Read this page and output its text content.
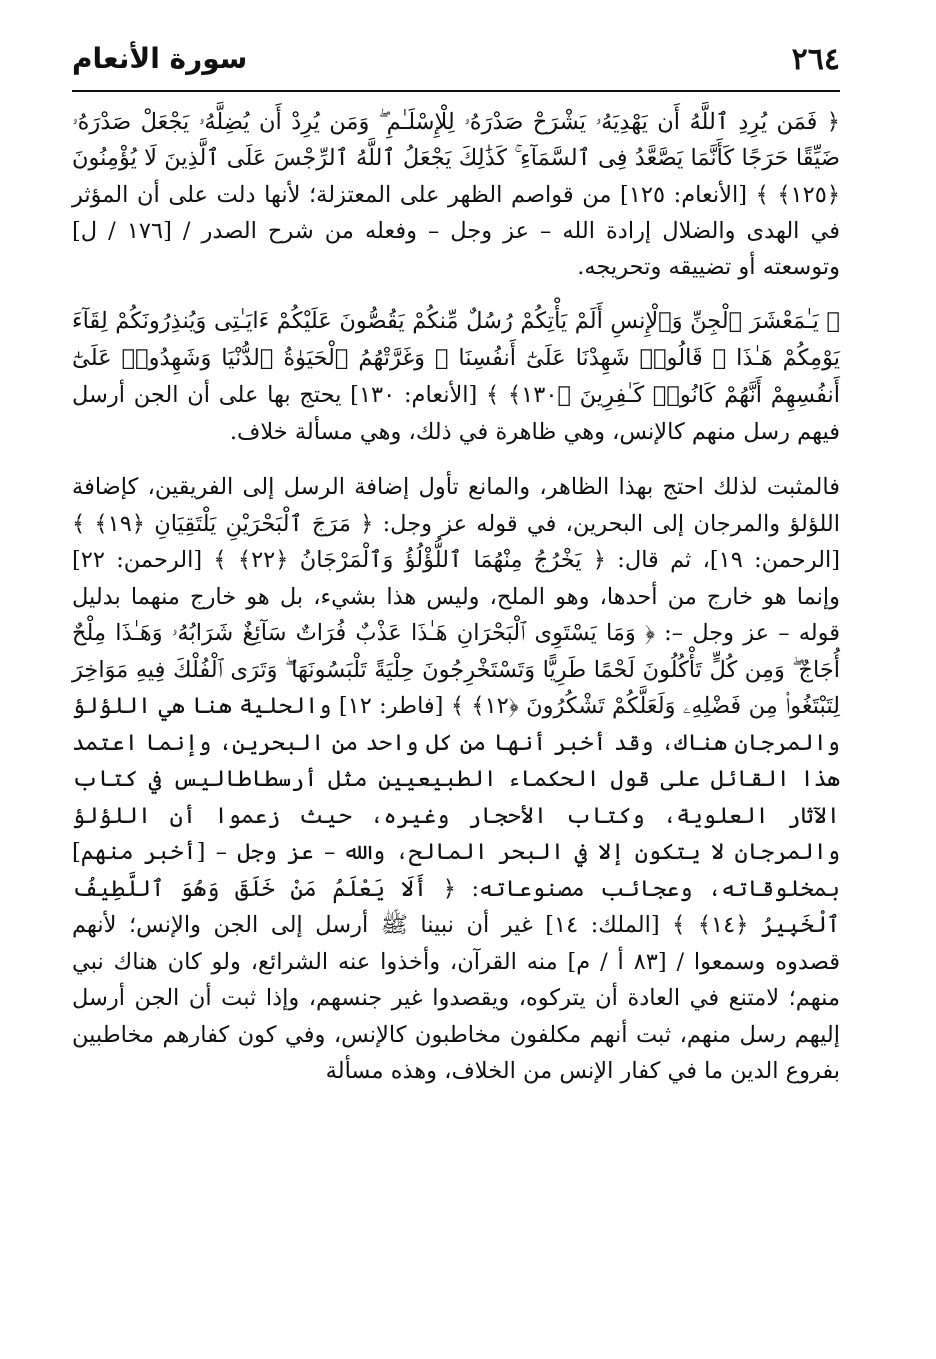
٢٦٤
سورة الأنعام

﴿ فَمَن يُرِدِ ٱللَّهُ أَن يَهْدِيَهُۥ يَشْرَحْ صَدْرَهُۥ لِلْإِسْلَـٰمِ ۖ وَمَن يُرِدْ أَن يُضِلَّهُۥ يَجْعَلْ صَدْرَهُۥ ضَيِّقًا حَرَجًا كَأَنَّمَا يَصَّعَّدُ فِى ٱلسَّمَآءِ ۚ كَذَٰلِكَ يَجْعَلُ ٱللَّهُ ٱلرِّجْسَ عَلَى ٱلَّذِينَ لَا يُؤْمِنُونَ ﴿١٢٥﴾ ﴾ [الأنعام: ١٢٥] من قواصم الظهر على المعتزلة؛ لأنها دلت على أن المؤثر في الهدى والضلال إرادة الله – عز وجل – وفعله من شرح الصدر / [١٧٦ / ل] وتوسعته أو تضييقه وتحريجه.

﴿ يَـٰمَعْشَرَ ٱلْجِنِّ وَٱلْإِنسِ أَلَمْ يَأْتِكُمْ رُسُلٌ مِّنكُمْ يَقُصُّونَ عَلَيْكُمْ ءَايَـٰتِى وَيُنذِرُونَكُمْ لِقَآءَ يَوْمِكُمْ هَـٰذَا ۚ قَالُوا۟ شَهِدْنَا عَلَىٰٓ أَنفُسِنَا ۖ وَغَرَّتْهُمُ ٱلْحَيَوٰةُ ٱلدُّنْيَا وَشَهِدُوا۟ عَلَىٰٓ أَنفُسِهِمْ أَنَّهُمْ كَانُوا۟ كَـٰفِرِينَ ﴿١٣٠﴾ ﴾ [الأنعام: ١٣٠] يحتج بها على أن الجن أرسل فيهم رسل منهم كالإنس، وهي ظاهرة في ذلك، وهي مسألة خلاف.

فالمثبت لذلك احتج بهذا الظاهر، والمانع تأول إضافة الرسل إلى الفريقين، كإضافة اللؤلؤ والمرجان إلى البحرين، في قوله عز وجل: ﴿ مَرَجَ ٱلْبَحْرَيْنِ يَلْتَقِيَانِ ﴿١٩﴾ ﴾ [الرحمن: ١٩]، ثم قال: ﴿ يَخْرُجُ مِنْهُمَا ٱللُّؤْلُؤُ وَٱلْمَرْجَانُ ﴿٢٢﴾ ﴾ [الرحمن: ٢٢] وإنما هو خارج من أحدها، وهو الملح، وليس هذا بشيء، بل هو خارج منهما بدليل قوله – عز وجل –: ﴿ وَمَا يَسْتَوِى ٱلْبَحْرَانِ هَـٰذَا عَذْبٌ فُرَاتٌ سَآئِغٌ شَرَابُهُۥ وَهَـٰذَا مِلْحٌ أُجَاجٌ ۖ وَمِن كُلٍّ تَأْكُلُونَ لَحْمًا طَرِيًّا وَتَسْتَخْرِجُونَ حِلْيَةً تَلْبَسُونَهَا ۖ وَتَرَى ٱلْفُلْكَ فِيهِ مَوَاخِرَ لِتَبْتَغُوا۟ مِن فَضْلِهِۦ وَلَعَلَّكُمْ تَشْكُرُونَ ﴿١٢﴾ ﴾ [فاطر: ١٢] والحلية هنا هي اللؤلؤ والمرجان هناك، وقد أخبر أنها من كل واحد من البحرين، وإنما اعتمد هذا القائل على قول الحكماء الطبيعيين مثل أرسطاطاليس في كتاب الآثار العلوية، وكتاب الأحجار وغيره، حيث زعموا أن اللؤلؤ والمرجان لا يتكون إلا في البحر المالح، والله – عز وجل – [أخبر منهم] بمخلوقاته، وعجائب مصنوعاته: ﴿ أَلَا يَعْلَمُ مَنْ خَلَقَ وَهُوَ ٱللَّطِيفُ ٱلْخَبِيرُ ﴿١٤﴾ ﴾ [الملك: ١٤] غير أن نبينا ﷺ أرسل إلى الجن والإنس؛ لأنهم قصدوه وسمعوا / [٨٣ أ / م] منه القرآن، وأخذوا عنه الشرائع، ولو كان هناك نبي منهم؛ لامتنع في العادة أن يتركوه، ويقصدوا غير جنسهم، وإذا ثبت أن الجن أرسل إليهم رسل منهم، ثبت أنهم مكلفون مخاطبون كالإنس، وفي كون كفارهم مخاطبين بفروع الدين ما في كفار الإنس من الخلاف، وهذه مسألة
